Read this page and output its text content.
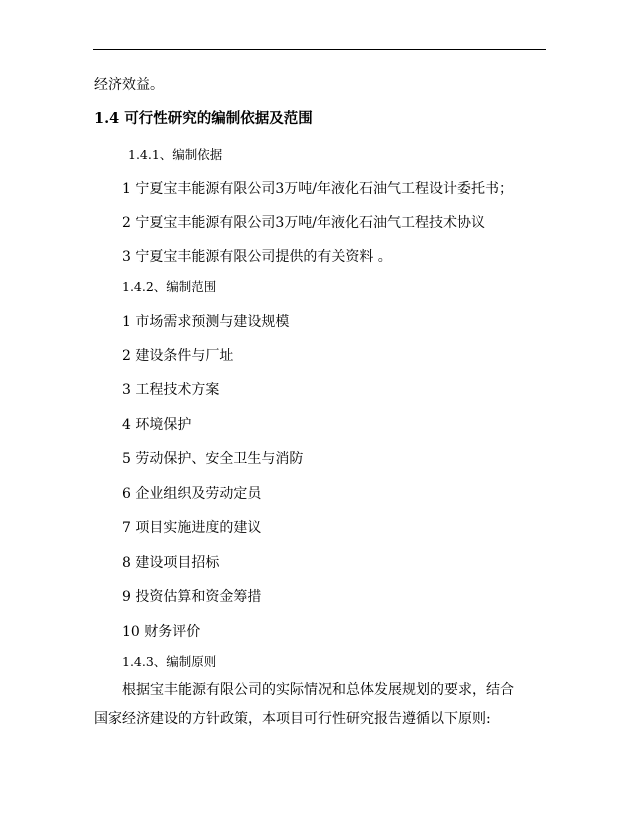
经济效益。
1.4 可行性研究的编制依据及范围
1.4.1、编制依据
1 宁夏宝丰能源有限公司3万吨/年液化石油气工程设计委托书；
2 宁夏宝丰能源有限公司3万吨/年液化石油气工程技术协议
3 宁夏宝丰能源有限公司提供的有关资料 。
1.4.2、编制范围
1 市场需求预测与建设规模
2 建设条件与厂址
3 工程技术方案
4 环境保护
5 劳动保护、安全卫生与消防
6 企业组织及劳动定员
7 项目实施进度的建议
8 建设项目招标
9 投资估算和资金筹措
10 财务评价
1.4.3、编制原则
根据宝丰能源有限公司的实际情况和总体发展规划的要求，结合
国家经济建设的方针政策，本项目可行性研究报告遵循以下原则:
